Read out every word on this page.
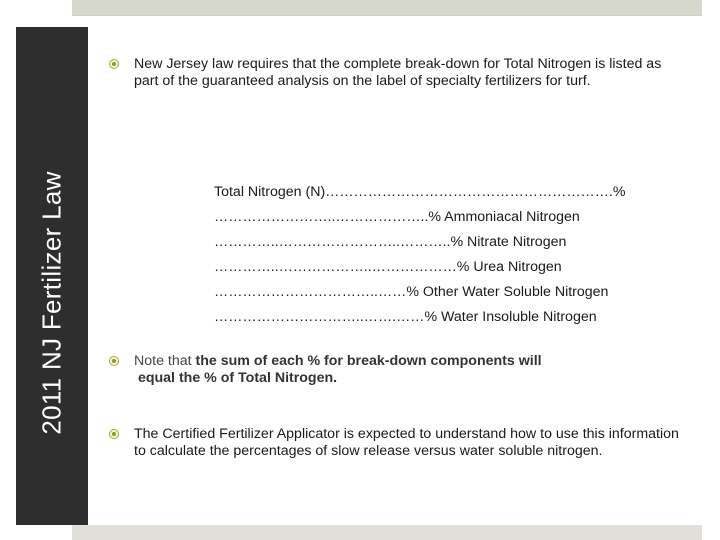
2011 NJ Fertilizer Law
New Jersey law requires that the complete break-down for Total Nitrogen is listed as part of the guaranteed analysis on the label of specialty fertilizers for turf.
Total Nitrogen (N)…………………………………………………….%
……………………..………………..% Ammoniacal Nitrogen
…………..……………………..………..% Nitrate Nitrogen
…………..………………..………………% Urea Nitrogen
……………………………..……% Other Water Soluble Nitrogen
…………………………..…….……% Water Insoluble Nitrogen
Note that the sum of each % for break-down components will
equal the % of Total Nitrogen.
The Certified Fertilizer Applicator is expected to understand how to use this information to calculate the percentages of slow release versus water soluble nitrogen.
